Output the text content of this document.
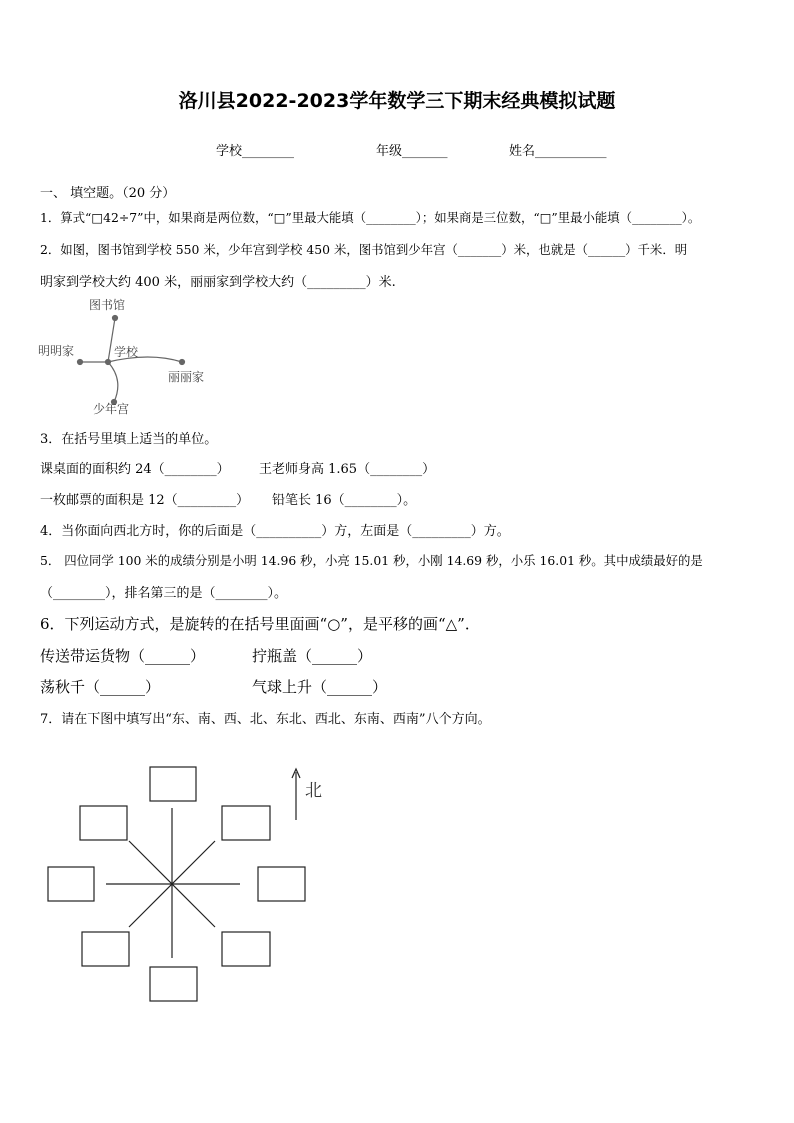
洛川县2022-2023学年数学三下期末经典模拟试题
学校________	年级_______	姓名___________
一、 填空题。（20 分）
1．算式“□42÷7”中，如果商是两位数，“□”里最大能填（________）；如果商是三位数，“□”里最小能填（________）。
2．如图，图书馆到学校 550 米，少年宫到学校 450 米，图书馆到少年宫（_______）米，也就是（______）千米．明
明家到学校大约 400 米，丽丽家到学校大约（_________）米.
图书馆
明明家	学校
丽丽家
少年宫
3．在括号里填上适当的单位。
课桌面的面积约 24（________） 王老师身高 1.65（________）
一枚邮票的面积是 12（_________） 铅笔长 16（________）。
4．当你面向西北方时，你的后面是（__________）方，左面是（_________）方。
5． 四位同学 100 米的成绩分别是小明 14.96 秒，小亮 15.01 秒，小刚 14.69 秒，小乐 16.01 秒。其中成绩最好的是
（________），排名第三的是（________）。
6．下列运动方式，是旋转的在括号里面画“○”，是平移的画“△”．
传送带运货物（______）	拧瓶盖（______）
荡秋千（______）	气球上升（______）
7．请在下图中填写出“东、南、西、北、东北、西北、东南、西南”八个方向。
北
